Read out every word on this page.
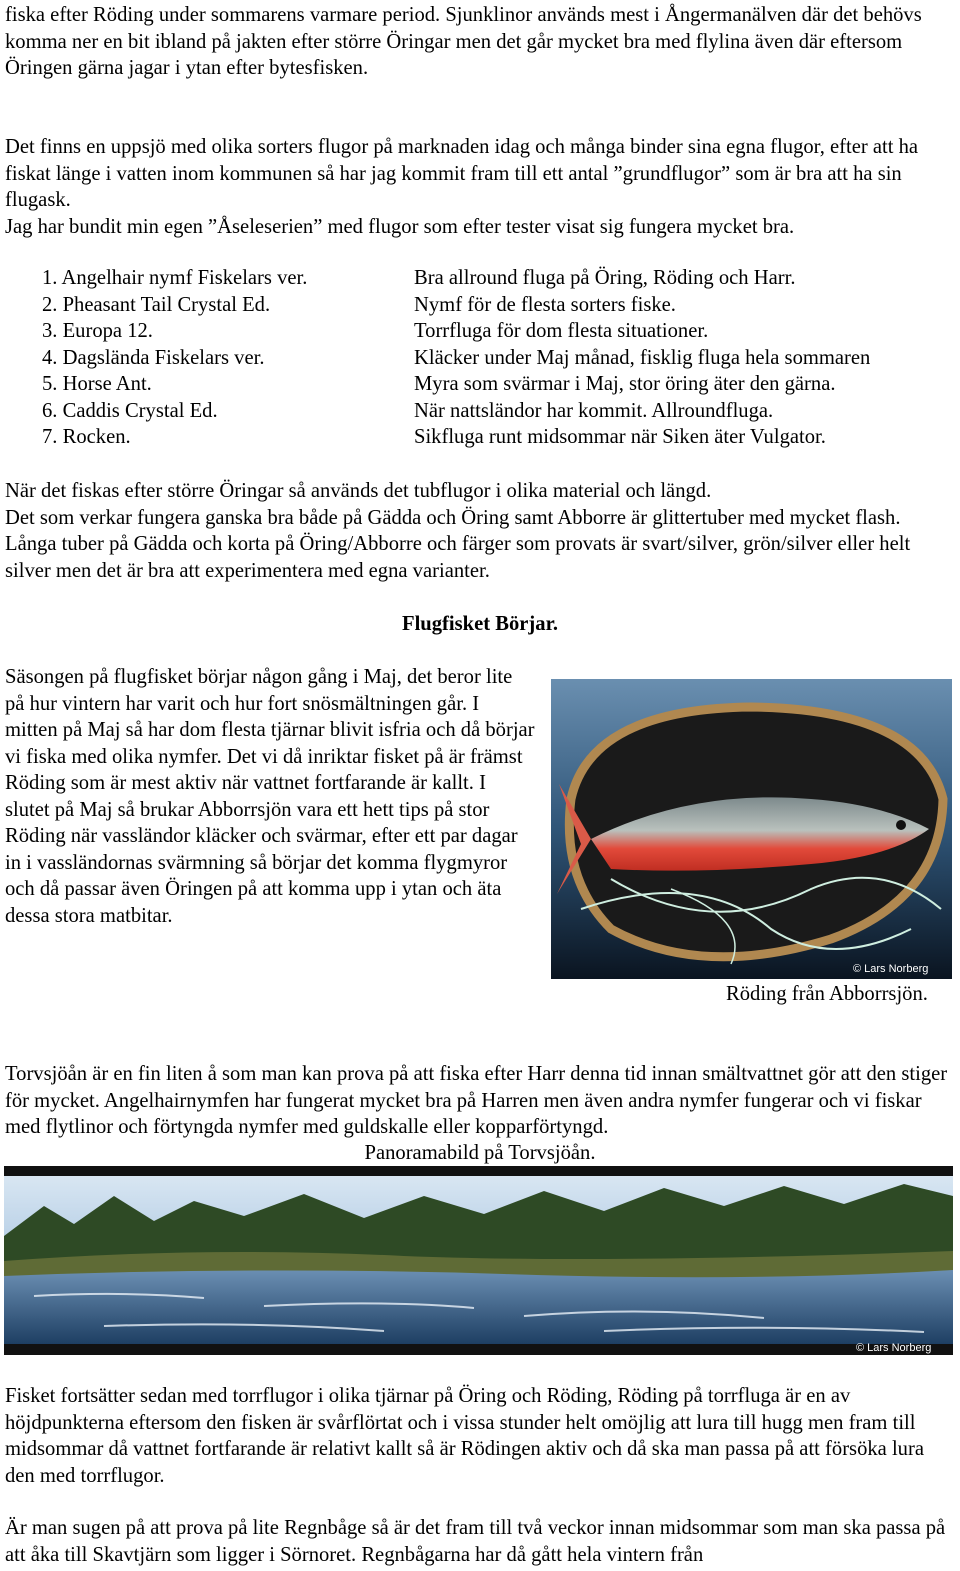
fiska efter Röding under sommarens varmare period. Sjunklinor används mest i Ångermanälven där det behövs komma ner en bit ibland på jakten efter större Öringar men det går mycket bra med flylina även där eftersom Öringen gärna jagar i ytan efter bytesfisken.

Det finns en uppsjö med olika sorters flugor på marknaden idag och många binder sina egna flugor, efter att ha fiskat länge i vatten inom kommunen så har jag kommit fram till ett antal ”grundflugor” som är bra att ha sin flugask.

Jag har bundit min egen ”Åseleserien” med flugor som efter tester visat sig fungera mycket bra.

1. Angelhair nymf Fiskelars ver.	Bra allround fluga på Öring, Röding och Harr.
2. Pheasant Tail Crystal Ed.	Nymf för de flesta sorters fiske.
3. Europa 12.	Torrfluga för dom flesta situationer.
4. Dagslända Fiskelars ver.	Kläcker under Maj månad, fisklig fluga hela sommaren
5. Horse Ant.	Myra som svärmar i Maj, stor öring äter den gärna.
6. Caddis Crystal Ed.	När nattsländor har kommit. Allroundfluga.
7. Rocken.	Sikfluga runt midsommar när Siken äter Vulgator.

När det fiskas efter större Öringar så används det tubflugor i olika material och längd.

Det som verkar fungera ganska bra både på Gädda och Öring samt Abborre är glittertuber med mycket flash. Långa tuber på Gädda och korta på Öring/Abborre och färger som provats är svart/silver, grön/silver eller helt silver men det är bra att experimentera med egna varianter.

Flugfisket Börjar.

Säsongen på flugfisket börjar någon gång i Maj, det beror lite på hur vintern har varit och hur fort snösmältningen går. I mitten på Maj så har dom flesta tjärnar blivit isfria och då börjar vi fiska med olika nymfer. Det vi då inriktar fisket på är främst Röding som är mest aktiv när vattnet fortfarande är kallt. I slutet på Maj så brukar Abborrsjön vara ett hett tips på stor Röding när vassländor kläcker och svärmar, efter ett par dagar in i vassländornas svärmning så börjar det komma flygmyror och då passar även Öringen på att komma upp i ytan och äta dessa stora matbitar.

© Lars Norberg
Röding från Abborrsjön.

Torvsjöån är en fin liten å som man kan prova på att fiska efter Harr denna tid innan smältvattnet gör att den stiger för mycket. Angelhairnymfen har fungerat mycket bra på Harren men även andra nymfer fungerar och vi fiskar med flytlinor och förtyngda nymfer med guldskalle eller kopparförtyngd.

Panoramabild på Torvsjöån.
© Lars Norberg

Fisket fortsätter sedan med torrflugor i olika tjärnar på Öring och Röding, Röding på torrfluga är en av höjdpunkterna eftersom den fisken är svårflörtat och i vissa stunder helt omöjlig att lura till hugg men fram till midsommar då vattnet fortfarande är relativt kallt så är Rödingen aktiv och då ska man passa på att försöka lura den med torrflugor.

Är man sugen på att prova på lite Regnbåge så är det fram till två veckor innan midsommar som man ska passa på att åka till Skavtjärn som ligger i Sörnoret. Regnbågarna har då gått hela vintern från
